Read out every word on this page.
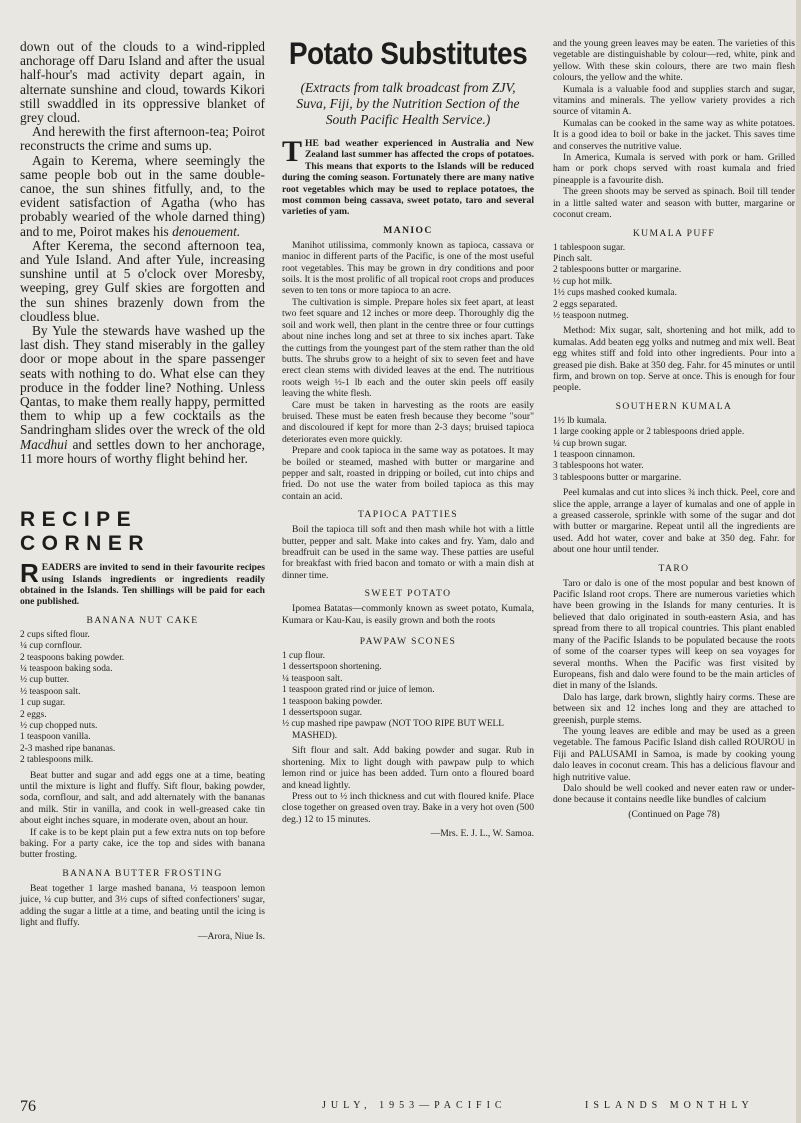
down out of the clouds to a wind-rippled anchorage off Daru Island and after the usual half-hour's mad activity depart again, in alternate sunshine and cloud, towards Kikori still swaddled in its oppressive blanket of grey cloud.

And herewith the first afternoon-tea; Poirot reconstructs the crime and sums up.

Again to Kerema, where seemingly the same people bob out in the same double-canoe, the sun shines fitfully, and, to the evident satisfaction of Agatha (who has probably wearied of the whole darned thing) and to me, Poirot makes his denouement.

After Kerema, the second afternoon tea, and Yule Island. And after Yule, increasing sunshine until at 5 o'clock over Moresby, weeping, grey Gulf skies are forgotten and the sun shines brazenly down from the cloudless blue.

By Yule the stewards have washed up the last dish. They stand miserably in the galley door or mope about in the spare passenger seats with nothing to do. What else can they produce in the fodder line? Nothing. Unless Qantas, to make them really happy, permitted them to whip up a few cocktails as the Sandringham slides over the wreck of the old Macdhui and settles down to her anchorage, 11 more hours of worthy flight behind her.

RECIPE CORNER

READERS are invited to send in their favourite recipes using Islands ingredients or ingredients readily obtained in the Islands. Ten shillings will be paid for each one published.

BANANA NUT CAKE
2 cups sifted flour.
¼ cup cornflour.
2 teaspoons baking powder.
¼ teaspoon baking soda.
½ cup butter.
½ teaspoon salt.
1 cup sugar.
2 eggs.
½ cup chopped nuts.
1 teaspoon vanilla.
2-3 mashed ripe bananas.
2 tablespoons milk.

Beat butter and sugar and add eggs one at a time, beating until the mixture is light and fluffy. Sift flour, baking powder, soda, cornflour, and salt, and add alternately with the bananas and milk. Stir in vanilla, and cook in well-greased cake tin about eight inches square, in moderate oven, about an hour.

If cake is to be kept plain put a few extra nuts on top before baking. For a party cake, ice the top and sides with banana butter frosting.

BANANA BUTTER FROSTING

Beat together 1 large mashed banana, ½ teaspoon lemon juice, ¼ cup butter, and 3½ cups of sifted confectioners' sugar, adding the sugar a little at a time, and beating until the icing is light and fluffy.

—Arora, Niue Is.
Potato Substitutes
(Extracts from talk broadcast from ZJV, Suva, Fiji, by the Nutrition Section of the South Pacific Health Service.)

THE bad weather experienced in Australia and New Zealand last summer has affected the crops of potatoes. This means that exports to the Islands will be reduced during the coming season. Fortunately there are many native root vegetables which may be used to replace potatoes, the most common being cassava, sweet potato, taro and several varieties of yam.

MANIOC

Manihot utilissima, commonly known as tapioca, cassava or manioc in different parts of the Pacific, is one of the most useful root vegetables. This may be grown in dry conditions and poor soils. It is the most prolific of all tropical root crops and produces seven to ten tons or more tapioca to an acre.

The cultivation is simple. Prepare holes six feet apart, at least two feet square and 12 inches or more deep. Thoroughly dig the soil and work well, then plant in the centre three or four cuttings about nine inches long and set at three to six inches apart. Take the cuttings from the youngest part of the stem rather than the old butts. The shrubs grow to a height of six to seven feet and have erect clean stems with divided leaves at the end. The nutritious roots weigh ½-1 lb each and the outer skin peels off easily leaving the white flesh.

Care must be taken in harvesting as the roots are easily bruised. These must be eaten fresh because they become "sour" and discoloured if kept for more than 2-3 days; bruised tapioca deteriorates even more quickly.

Prepare and cook tapioca in the same way as potatoes. It may be boiled or steamed, mashed with butter or margarine and pepper and salt, roasted in dripping or boiled, cut into chips and fried. Do not use the water from boiled tapioca as this may contain an acid.

TAPIOCA PATTIES

Boil the tapioca till soft and then mash while hot with a little butter, pepper and salt. Make into cakes and fry. Yam, dalo and breadfruit can be used in the same way. These patties are useful for breakfast with fried bacon and tomato or with a main dish at dinner time.

SWEET POTATO

Ipomea Batatas—commonly known as sweet potato, Kumala, Kumara or Kau-Kau, is easily grown and both the roots

PAWPAW SCONES
1 cup flour.
1 dessertspoon shortening.
¼ teaspoon salt.
1 teaspoon grated rind or juice of lemon.
1 teaspoon baking powder.
1 dessertspoon sugar.
½ cup mashed ripe pawpaw (NOT TOO RIPE BUT WELL MASHED).

Sift flour and salt. Add baking powder and sugar. Rub in shortening. Mix to light dough with pawpaw pulp to which lemon rind or juice has been added. Turn onto a floured board and knead lightly.

Press out to ½ inch thickness and cut with floured knife. Place close together on greased oven tray. Bake in a very hot oven (500 deg.) 12 to 15 minutes.

—Mrs. E. J. L., W. Samoa.

and the young green leaves may be eaten. The varieties of this vegetable are distinguishable by colour—red, white, pink and yellow. With these skin colours, there are two main flesh colours, the yellow and the white.

Kumala is a valuable food and supplies starch and sugar, vitamins and minerals. The yellow variety provides a rich source of vitamin A.

Kumalas can be cooked in the same way as white potatoes. It is a good idea to boil or bake in the jacket. This saves time and conserves the nutritive value.

In America, Kumala is served with pork or ham. Grilled ham or pork chops served with roast kumala and fried pineapple is a favourite dish.

The green shoots may be served as spinach. Boil till tender in a little salted water and season with butter, margarine or coconut cream.

KUMALA PUFF
1 tablespoon sugar.
Pinch salt.
2 tablespoons butter or margarine.
½ cup hot milk.
1½ cups mashed cooked kumala.
2 eggs separated.
½ teaspoon nutmeg.

Method: Mix sugar, salt, shortening and hot milk, add to kumalas. Add beaten egg yolks and nutmeg and mix well. Beat egg whites stiff and fold into other ingredients. Pour into a greased pie dish. Bake at 350 deg. Fahr. for 45 minutes or until firm, and brown on top. Serve at once. This is enough for four people.

SOUTHERN KUMALA
1½ lb kumala.
1 large cooking apple or 2 tablespoons dried apple.
¼ cup brown sugar.
1 teaspoon cinnamon.
3 tablespoons hot water.
3 tablespoons butter or margarine.

Peel kumalas and cut into slices ¾ inch thick. Peel, core and slice the apple, arrange a layer of kumalas and one of apple in a greased casserole, sprinkle with some of the sugar and dot with butter or margarine. Repeat until all the ingredients are used. Add hot water, cover and bake at 350 deg. Fahr. for about one hour until tender.

TARO

Taro or dalo is one of the most popular and best known of Pacific Island root crops. There are numerous varieties which have been growing in the Islands for many centuries. It is believed that dalo originated in south-eastern Asia, and has spread from there to all tropical countries. This plant enabled many of the Pacific Islands to be populated because the roots of some of the coarser types will keep on sea voyages for several months. When the Pacific was first visited by Europeans, fish and dalo were found to be the main articles of diet in many of the Islands.

Dalo has large, dark brown, slightly hairy corms. These are between six and 12 inches long and they are attached to greenish, purple stems.

The young leaves are edible and may be used as a green vegetable. The famous Pacific Island dish called ROUROU in Fiji and PALUSAMI in Samoa, is made by cooking young dalo leaves in coconut cream. This has a delicious flavour and high nutritive value.

Dalo should be well cooked and never eaten raw or under-done because it contains needle like bundles of calcium

(Continued on Page 78)
76	JULY, 1953—PACIFIC	ISLANDS MONTHLY
